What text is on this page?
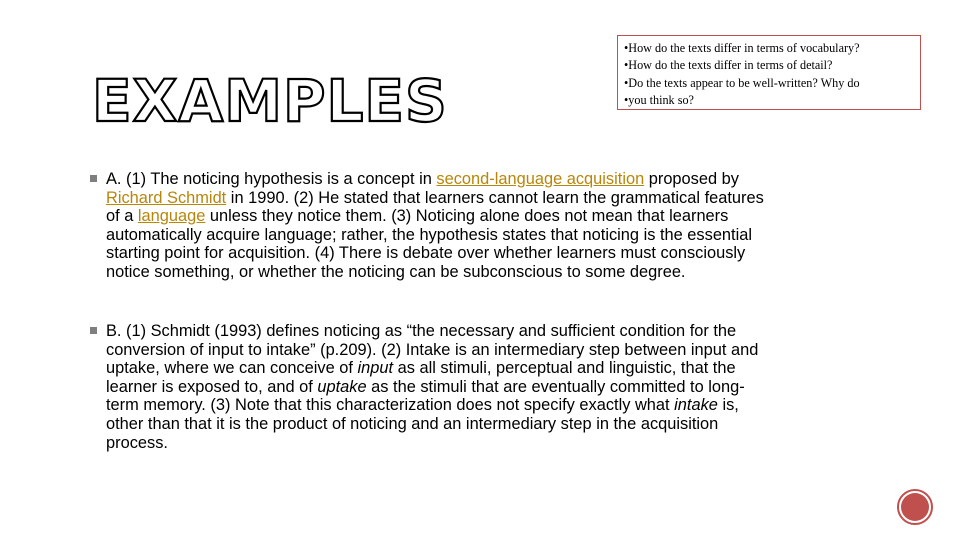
EXAMPLES
•How do the texts differ in terms of vocabulary?
•How do the texts differ in terms of detail?
•Do the texts appear to be well-written? Why do
•you think so?
A. (1) The noticing hypothesis is a concept in second-language acquisition proposed by
Richard Schmidt in 1990. (2) He stated that learners cannot learn the grammatical features
of a language unless they notice them. (3) Noticing alone does not mean that learners
automatically acquire language; rather, the hypothesis states that noticing is the essential
starting point for acquisition. (4) There is debate over whether learners must consciously
notice something, or whether the noticing can be subconscious to some degree.
B. (1) Schmidt (1993) defines noticing as “the necessary and sufficient condition for the
conversion of input to intake” (p.209). (2) Intake is an intermediary step between input and
uptake, where we can conceive of input as all stimuli, perceptual and linguistic, that the
learner is exposed to, and of uptake as the stimuli that are eventually committed to long-
term memory. (3) Note that this characterization does not specify exactly what intake is,
other than that it is the product of noticing and an intermediary step in the acquisition
process.
